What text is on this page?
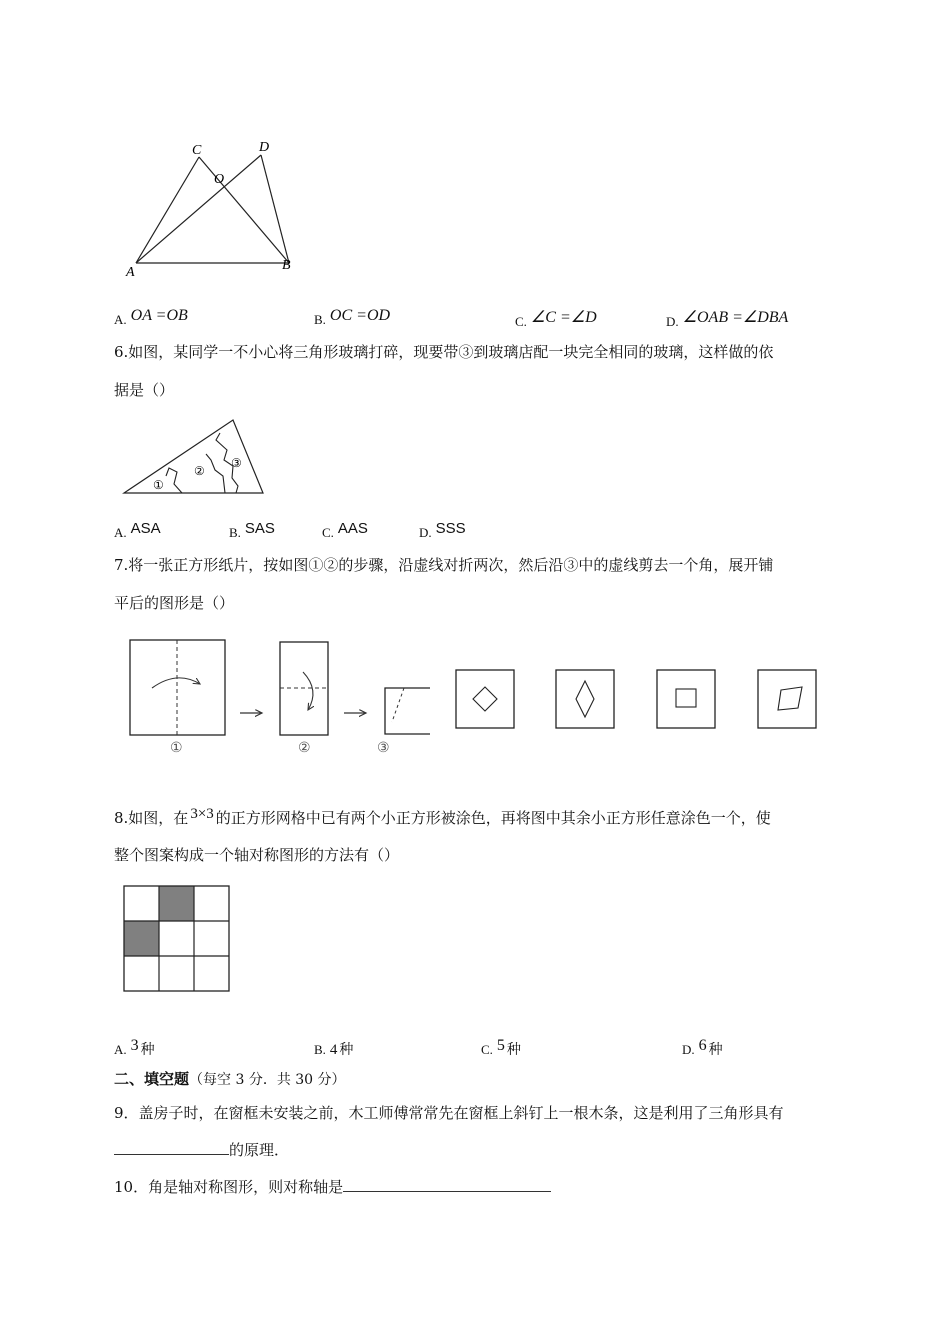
C	D
O
A	B
A. OA =OB	B. OC =OD	C. ∠C =∠D	D. ∠OAB =∠DBA
6.如图，某同学一不小心将三角形玻璃打碎，现要带③到玻璃店配一块完全相同的玻璃，这样做的依
据是（）
①
②
③
A. ASA	B. SAS	C. AAS	D. SSS
7.将一张正方形纸片，按如图①②的步骤，沿虚线对折两次，然后沿③中的虚线剪去一个角，展开铺
平后的图形是（）
①	②	③
8.如图，在 3×3 的正方形网格中已有两个小正方形被涂色，再将图中其余小正方形任意涂色一个，使
整个图案构成一个轴对称图形的方法有（）
A. 3 种	B. 4 种	C. 5 种	D. 6 种
二、填空题（每空 3 分．共 30 分）
9．盖房子时，在窗框未安装之前，木工师傅常常先在窗框上斜钉上一根木条，这是利用了三角形具有
的原理．
10．角是轴对称图形，则对称轴是
